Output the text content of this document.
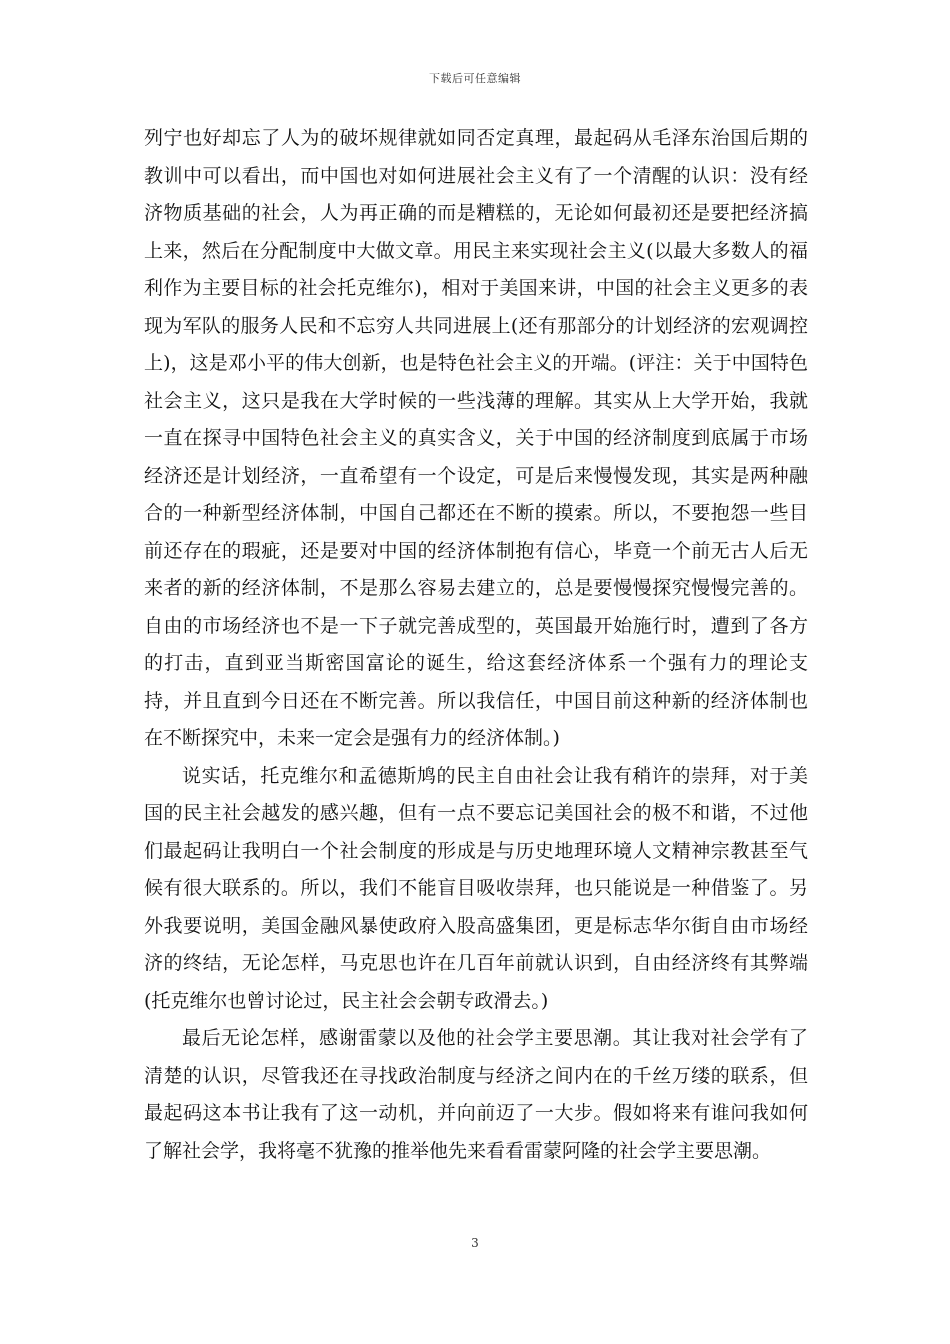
下载后可任意编辑

列宁也好却忘了人为的破坏规律就如同否定真理，最起码从毛泽东治国后期的教训中可以看出，而中国也对如何进展社会主义有了一个清醒的认识：没有经济物质基础的社会，人为再正确的而是糟糕的，无论如何最初还是要把经济搞上来，然后在分配制度中大做文章。用民主来实现社会主义(以最大多数人的福利作为主要目标的社会托克维尔)，相对于美国来讲，中国的社会主义更多的表现为军队的服务人民和不忘穷人共同进展上(还有那部分的计划经济的宏观调控上)，这是邓小平的伟大创新，也是特色社会主义的开端。(评注：关于中国特色社会主义，这只是我在大学时候的一些浅薄的理解。其实从上大学开始，我就一直在探寻中国特色社会主义的真实含义，关于中国的经济制度到底属于市场经济还是计划经济，一直希望有一个设定，可是后来慢慢发现，其实是两种融合的一种新型经济体制，中国自己都还在不断的摸索。所以，不要抱怨一些目前还存在的瑕疵，还是要对中国的经济体制抱有信心，毕竟一个前无古人后无来者的新的经济体制，不是那么容易去建立的，总是要慢慢探究慢慢完善的。自由的市场经济也不是一下子就完善成型的，英国最开始施行时，遭到了各方的打击，直到亚当斯密国富论的诞生，给这套经济体系一个强有力的理论支持，并且直到今日还在不断完善。所以我信任，中国目前这种新的经济体制也在不断探究中，未来一定会是强有力的经济体制。)

说实话，托克维尔和孟德斯鸠的民主自由社会让我有稍许的崇拜，对于美国的民主社会越发的感兴趣，但有一点不要忘记美国社会的极不和谐，不过他们最起码让我明白一个社会制度的形成是与历史地理环境人文精神宗教甚至气候有很大联系的。所以，我们不能盲目吸收崇拜，也只能说是一种借鉴了。另外我要说明，美国金融风暴使政府入股高盛集团，更是标志华尔街自由市场经济的终结，无论怎样，马克思也许在几百年前就认识到，自由经济终有其弊端(托克维尔也曾讨论过，民主社会会朝专政滑去。)

最后无论怎样，感谢雷蒙以及他的社会学主要思潮。其让我对社会学有了清楚的认识，尽管我还在寻找政治制度与经济之间内在的千丝万缕的联系，但最起码这本书让我有了这一动机，并向前迈了一大步。假如将来有谁问我如何了解社会学，我将毫不犹豫的推举他先来看看雷蒙阿隆的社会学主要思潮。

3
